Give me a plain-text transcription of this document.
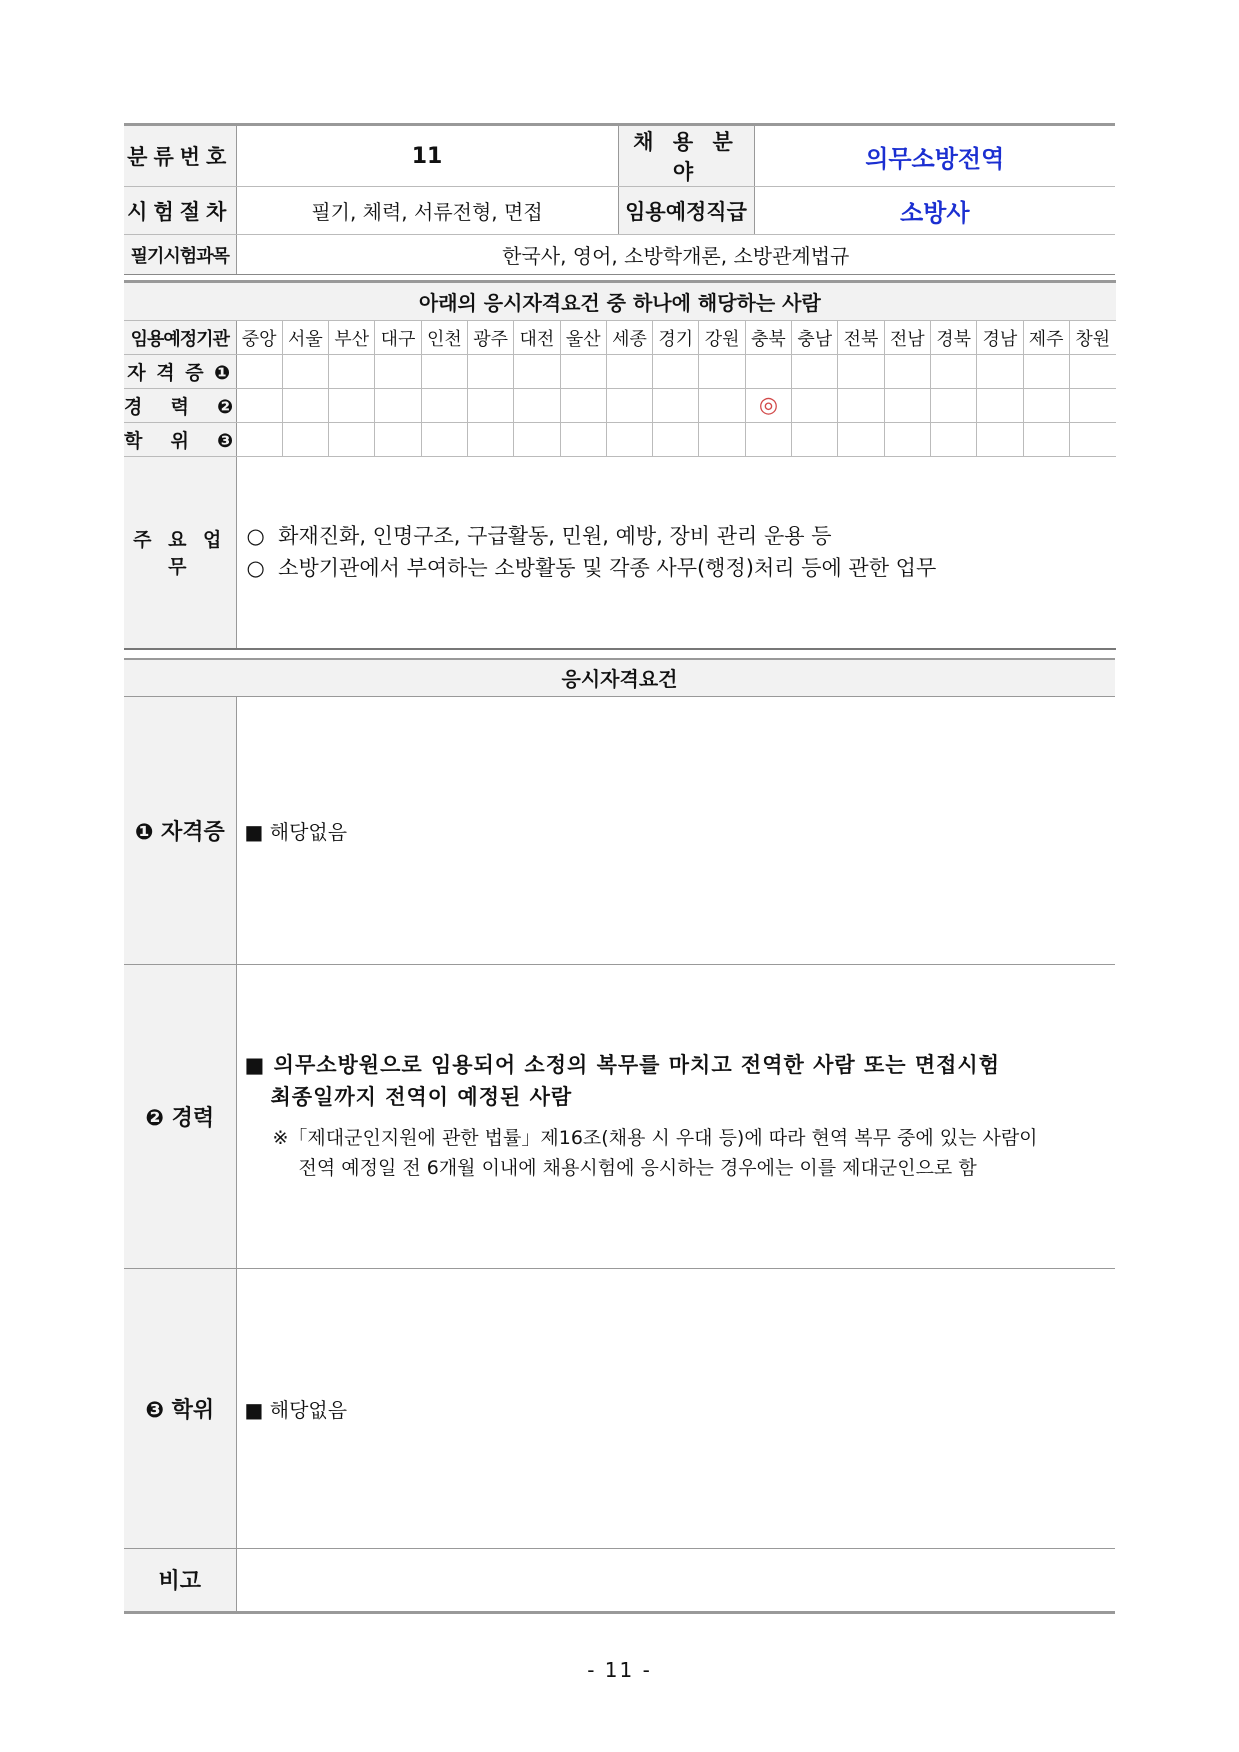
분류번호	11	채 용 분 야	의무소방전역
시험절차	필기, 체력, 서류전형, 면접	임용예정직급	소방사
필기시험과목	한국사, 영어, 소방학개론, 소방관계법규		
아래의 응시자격요건 중 하나에 해당하는 사람																			
임용예정기관	중앙	서울	부산	대구	인천	광주	대전	울산	세종	경기	강원	충북	충남	전북	전남	경북	경남	제주	창원
자 격 증 ❶																			
경  력  ❷												◎							
학  위  ❸																			
주 요 업 무	○  화재진화, 인명구조, 구급활동, 민원, 예방, 장비 관리 운용 등
○  소방기관에서 부여하는 소방활동 및 각종 사무(행정)처리 등에 관한 업무																		
응시자격요건	
❶ 자격증	■ 해당없음
❷ 경력	■ 의무소방원으로 임용되어 소정의 복무를 마치고 전역한 사람 또는 면접시험
최종일까지 전역이 예정된 사람
※「제대군인지원에 관한 법률」제16조(채용 시 우대 등)에 따라 현역 복무 중에 있는 사람이
전역 예정일 전 6개월 이내에 채용시험에 응시하는 경우에는 이를 제대군인으로 함

❸ 학위	■ 해당없음
비고	
- 11 -
